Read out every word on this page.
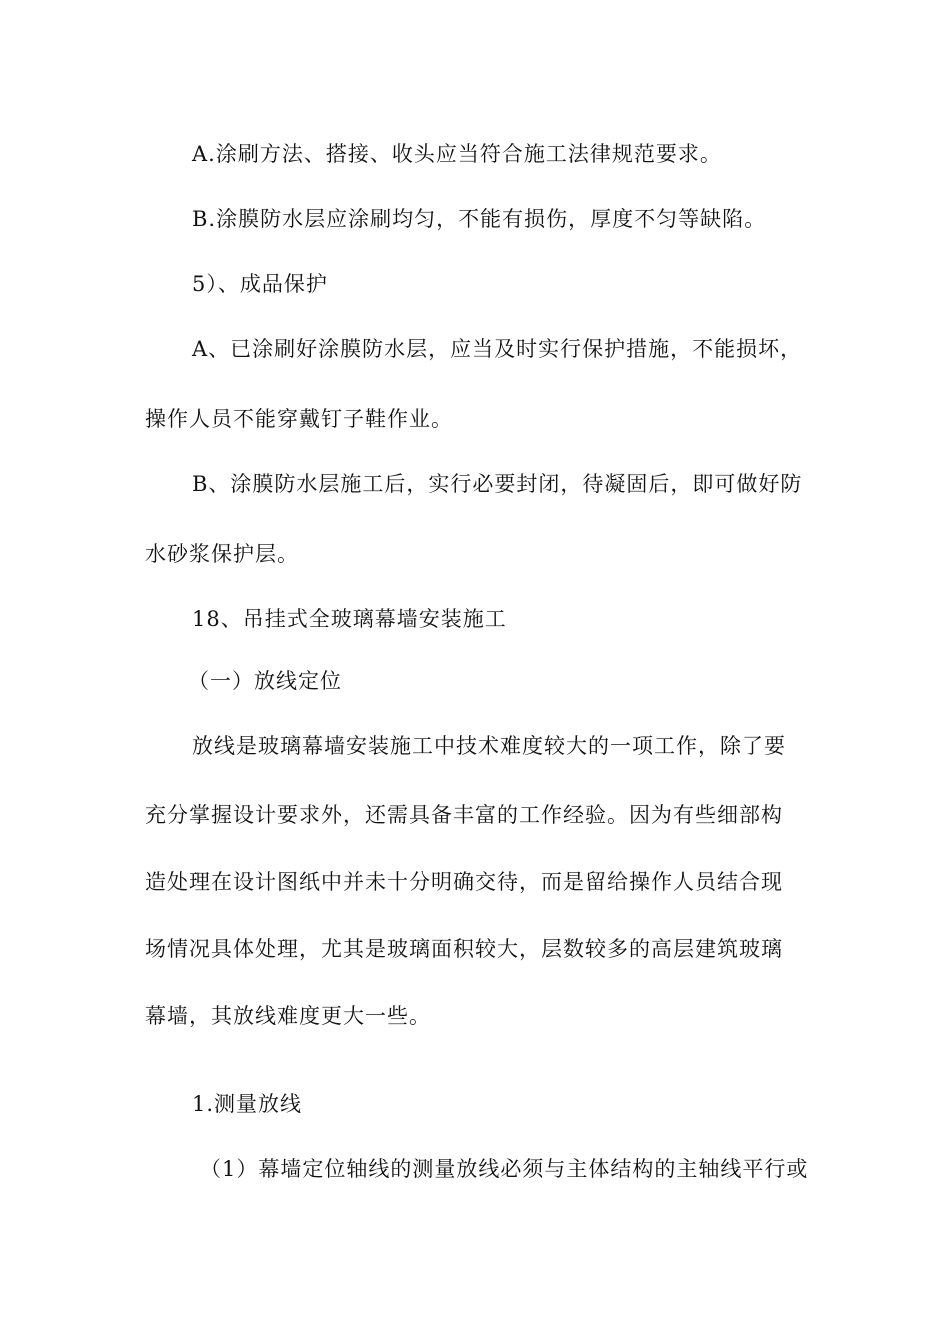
A.涂刷方法、搭接、收头应当符合施工法律规范要求。
B.涂膜防水层应涂刷均匀，不能有损伤，厚度不匀等缺陷。
5）、成品保护
A、已涂刷好涂膜防水层，应当及时实行保护措施，不能损坏，
操作人员不能穿戴钉子鞋作业。
B、涂膜防水层施工后，实行必要封闭，待凝固后，即可做好防
水砂浆保护层。
18、吊挂式全玻璃幕墙安装施工
（一）放线定位
放线是玻璃幕墙安装施工中技术难度较大的一项工作，除了要
充分掌握设计要求外，还需具备丰富的工作经验。因为有些细部构
造处理在设计图纸中并未十分明确交待，而是留给操作人员结合现
场情况具体处理，尤其是玻璃面积较大，层数较多的高层建筑玻璃
幕墙，其放线难度更大一些。
1.测量放线
（1）幕墙定位轴线的测量放线必须与主体结构的主轴线平行或
